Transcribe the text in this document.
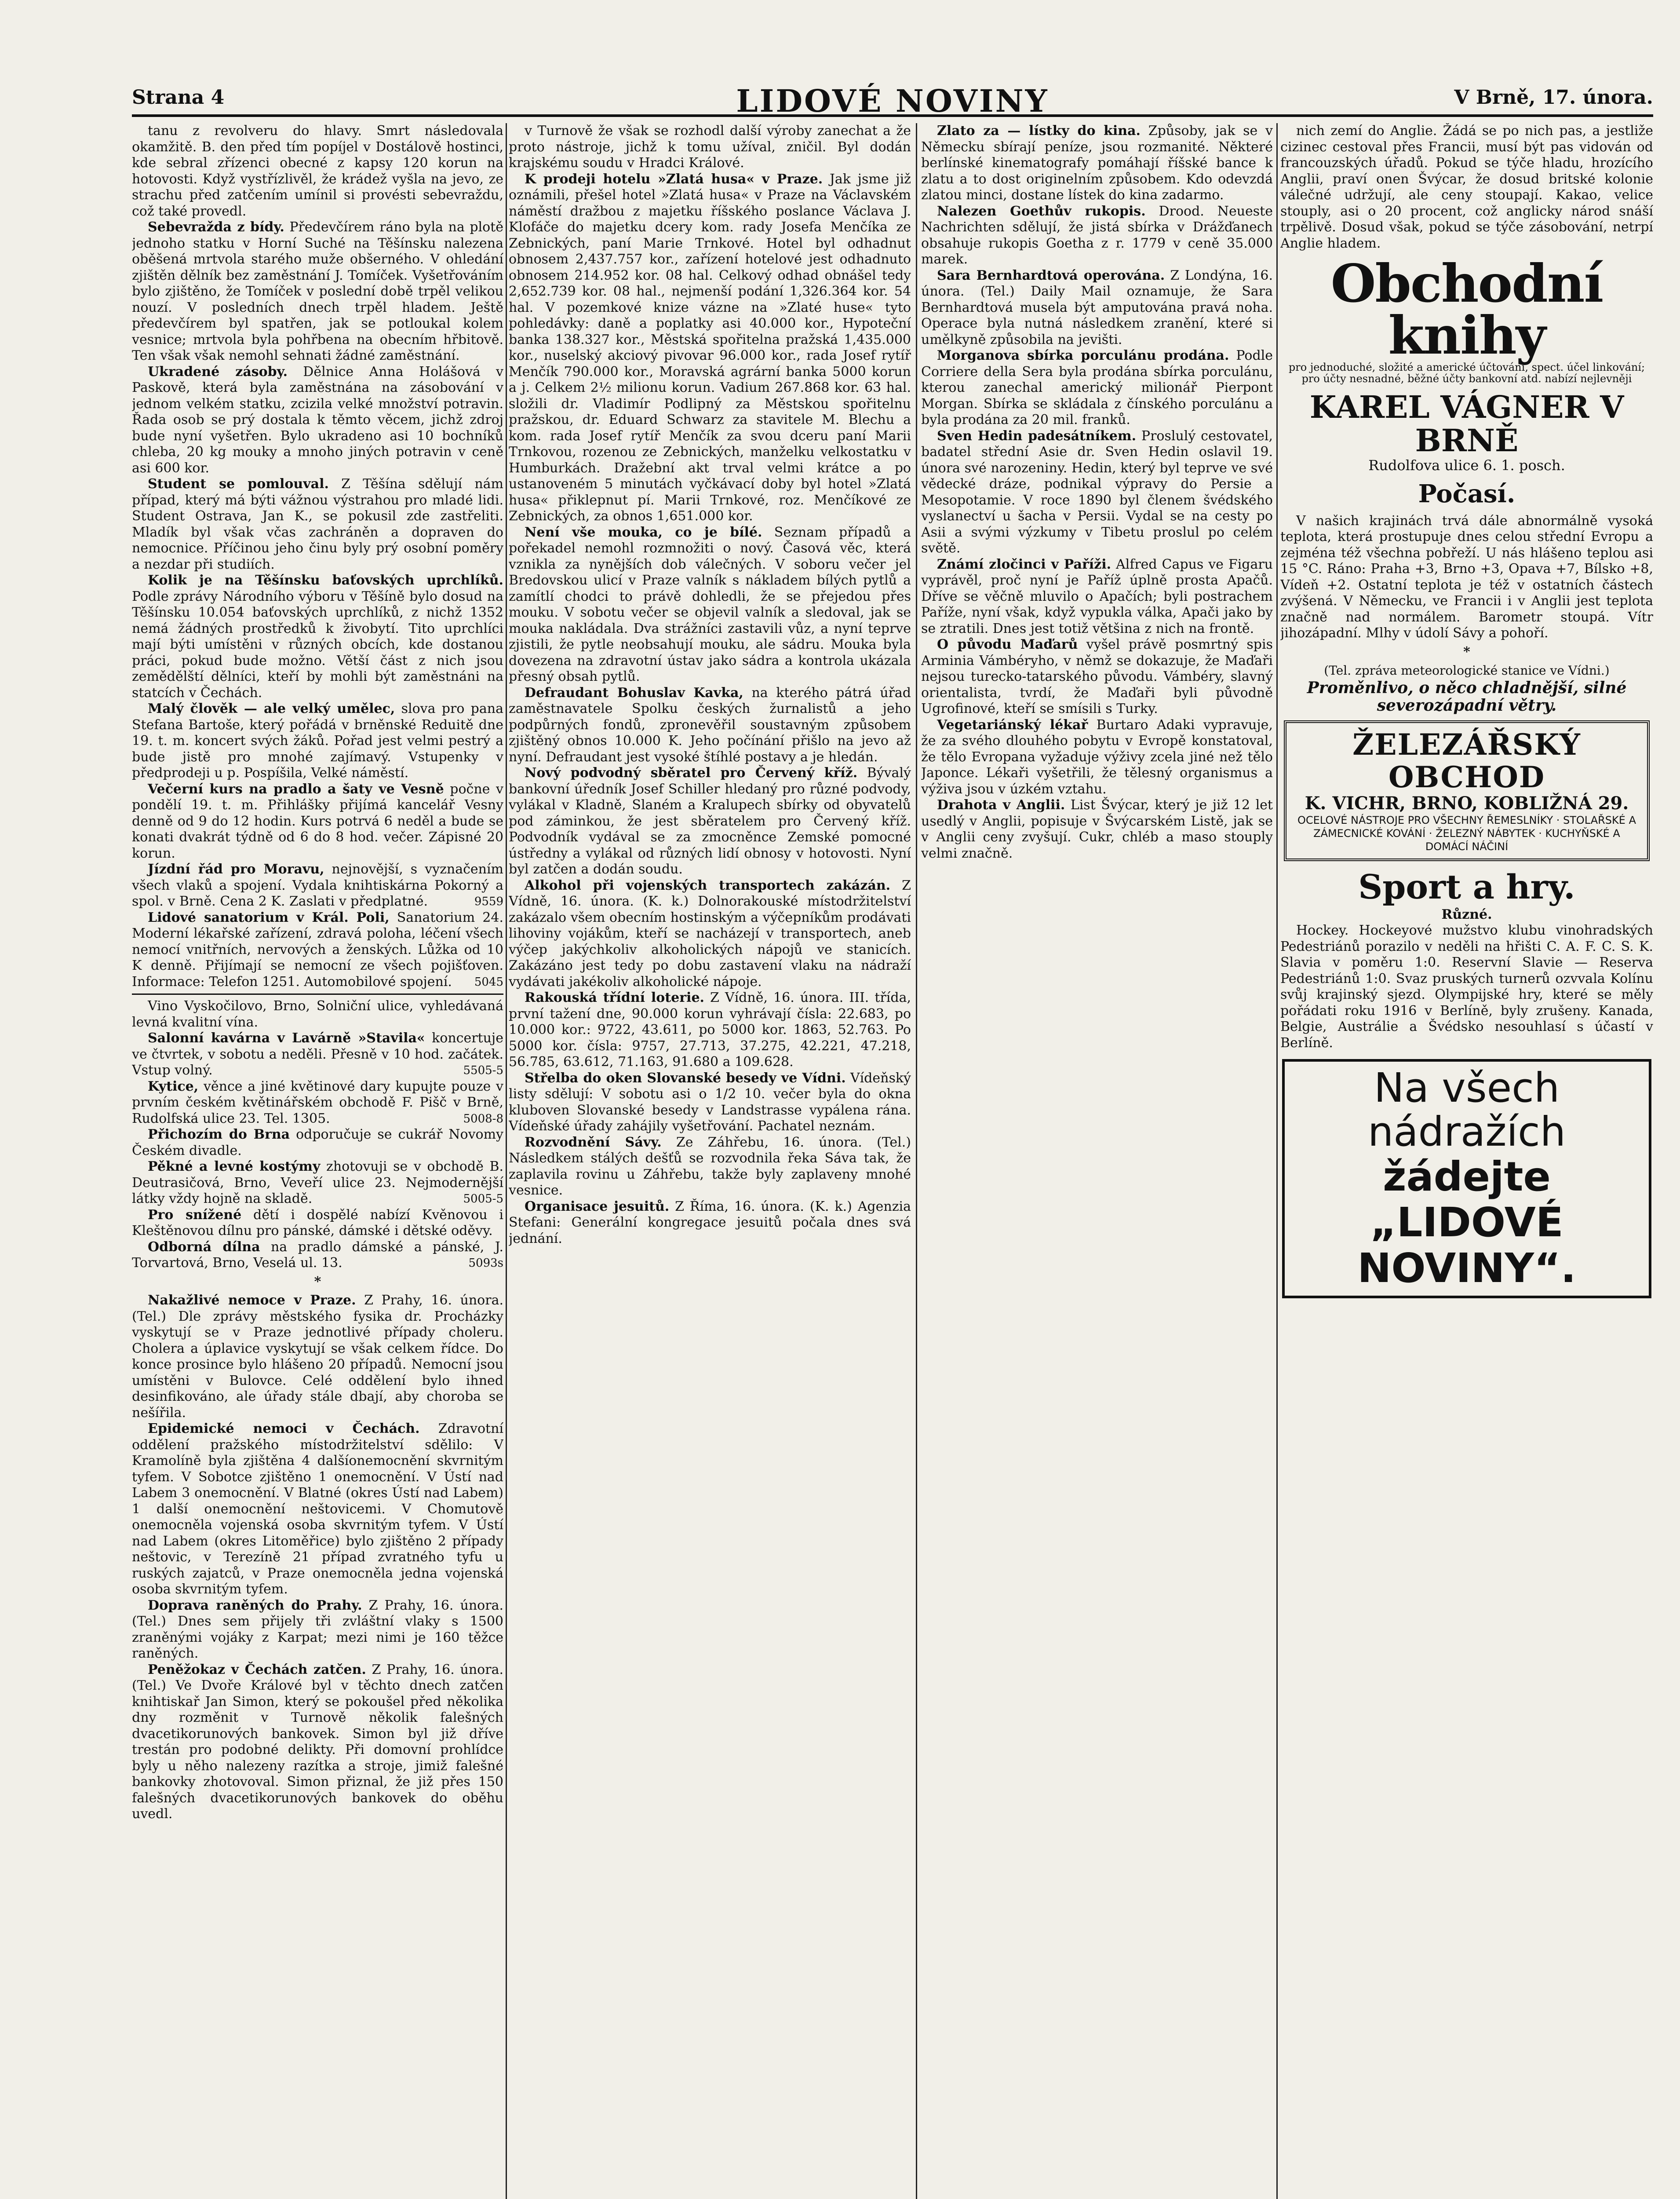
Strana 4	LIDOVÉ NOVINY	V Brně, 17. února.

tanu z revolveru do hlavy. Smrt následovala okamžitě. B. den před tím popíjel v Dostálově hostinci, kde sebral zřízenci obecné z kapsy 120 korun na hotovosti. Když vystřízlivěl, že krádež vyšla na jevo, ze strachu před zatčením umínil si provésti sebevraždu, což také provedl.

Sebevražda z bídy. Předevčírem ráno byla na plotě jednoho statku v Horní Suché na Těšínsku nalezena oběšená mrtvola starého muže obšerného. V ohledání zjištěn dělník bez zaměstnání J. Tomíček. Vyšetřováním bylo zjištěno, že Tomíček v poslední době trpěl velikou nouzí. V posledních dnech trpěl hladem. Ještě předevčírem byl spatřen, jak se potloukal kolem vesnice; mrtvola byla pohřbena na obecním hřbitově. Ten však však nemohl sehnati žádné zaměstnání.

Ukradené zásoby. Dělnice Anna Holášová v Paskově, která byla zaměstnána na zásobování v jednom velkém statku, zcizila velké množství potravin. Řada osob se prý dostala k těmto věcem, jichž zdroj bude nyní vyšetřen. Bylo ukradeno asi 10 bochníků chleba, 20 kg mouky a mnoho jiných potravin v ceně asi 600 kor.

Student se pomlouval. Z Těšína sdělují nám případ, který má býti vážnou výstrahou pro mladé lidi. Student Ostrava, Jan K., se pokusil zde zastřeliti. Mladík byl však včas zachráněn a dopraven do nemocnice. Příčinou jeho činu byly prý osobní poměry a nezdar při studiích.

Kolik je na Těšínsku baťovských uprchlíků. Podle zprávy Národního výboru v Těšíně bylo dosud na Těšínsku 10.054 baťovských uprchlíků, z nichž 1352 nemá žádných prostředků k živobytí. Tito uprchlíci mají býti umístěni v různých obcích, kde dostanou práci, pokud bude možno. Větší část z nich jsou zemědělští dělníci, kteří by mohli být zaměstnáni na statcích v Čechách.

Malý člověk — ale velký umělec, slova pro pana Stefana Bartoše, který pořádá v brněnské Reduitě dne 19. t. m. koncert svých žáků. Pořad jest velmi pestrý a bude jistě pro mnohé zajímavý. Vstupenky v předprodeji u p. Pospíšila, Velké náměstí.

Večerní kurs na pradlo a šaty ve Vesně počne v pondělí 19. t. m. Přihlášky přijímá kancelář Vesny denně od 9 do 12 hodin. Kurs potrvá 6 neděl a bude se konati dvakrát týdně od 6 do 8 hod. večer. Zápisné 20 korun.

Jízdní řád pro Moravu, nejnovější, s vyznačením všech vlaků a spojení. Vydala knihtiskárna Pokorný a spol. v Brně. Cena 2 K. Zaslati v předplatné.	9559

Lidové sanatorium v Král. Poli, Sanatorium 24. Moderní lékařské zařízení, zdravá poloha, léčení všech nemocí vnitřních, nervových a ženských. Lůžka od 10 K denně. Přijímají se nemocní ze všech pojišťoven. Informace: Telefon 1251. Automobilové spojení.	5045

Vino Vyskočilovo, Brno, Solniční ulice, vyhledávaná levná kvalitní vína.

Salonní kavárna v Lavárně »Stavila« koncertuje ve čtvrtek, v sobotu a neděli. Přesně v 10 hod. začátek. Vstup volný.	5505-5

Kytice, věnce a jiné květinové dary kupujte pouze v prvním českém květinářském obchodě F. Pišč v Brně, Rudolfská ulice 23. Tel. 1305.	5008-8

Přichozím do Brna odporučuje se cukrář Novomy Českém divadle.

Pěkné a levné kostýmy zhotovuji se v obchodě B. Deutrasičová, Brno, Veveří ulice 23. Nejmodernější látky vždy hojně na skladě.	5005-5

Pro snížené dětí i dospělé nabízí Kvěnovou i Kleštěnovou dílnu pro pánské, dámské i dětské oděvy.

Odborná dílna na pradlo dámské a pánské, J. Torvartová, Brno, Veselá ul. 13.	5093s

*

Nakažlivé nemoce v Praze. Z Prahy, 16. února. (Tel.) Dle zprávy městského fysika dr. Procházky vyskytují se v Praze jednotlivé případy choleru. Cholera a úplavice vyskytují se však celkem řídce. Do konce prosince bylo hlášeno 20 případů. Nemocní jsou umístěni v Bulovce. Celé oddělení bylo ihned desinfikováno, ale úřady stále dbají, aby choroba se nešířila.

Epidemické nemoci v Čechách. Zdravotní oddělení pražského místodržitelství sdělilo: V Kramolíně byla zjištěna 4 dalšíonemocnění skvrnitým tyfem. V Sobotce zjištěno 1 onemocnění. V Ústí nad Labem 3 onemocnění. V Blatné (okres Ústí nad Labem) 1 další onemocnění neštovicemi. V Chomutově onemocněla vojenská osoba skvrnitým tyfem. V Ústí nad Labem (okres Litoměřice) bylo zjištěno 2 případy neštovic, v Terezíně 21 případ zvratného tyfu u ruských zajatců, v Praze onemocněla jedna vojenská osoba skvrnitým tyfem.

Doprava raněných do Prahy. Z Prahy, 16. února. (Tel.) Dnes sem přijely tři zvláštní vlaky s 1500 zraněnými vojáky z Karpat; mezi nimi je 160 těžce raněných.

Peněžokaz v Čechách zatčen. Z Prahy, 16. února. (Tel.) Ve Dvoře Králové byl v těchto dnech zatčen knihtiskař Jan Simon, který se pokoušel před několika dny rozměnit v Turnově několik falešných dvacetikorunových bankovek. Simon byl již dříve trestán pro podobné delikty. Při domovní prohlídce byly u něho nalezeny razítka a stroje, jimiž falešné bankovky zhotovoval. Simon přiznal, že již přes 150 falešných dvacetikorunových bankovek do oběhu uvedl.

v Turnově že však se rozhodl další výroby zanechat a že proto nástroje, jichž k tomu užíval, zničil. Byl dodán krajskému soudu v Hradci Králové.

K prodeji hotelu »Zlatá husa« v Praze. Jak jsme již oznámili, přešel hotel »Zlatá husa« v Praze na Václavském náměstí dražbou z majetku říšského poslance Václava J. Klofáče do majetku dcery kom. rady Josefa Menčíka ze Zebnických, paní Marie Trnkové. Hotel byl odhadnut obnosem 2,437.757 kor., zařízení hotelové jest odhadnuto obnosem 214.952 kor. 08 hal. Celkový odhad obnášel tedy 2,652.739 kor. 08 hal., nejmenší podání 1,326.364 kor. 54 hal. V pozemkové knize vázne na »Zlaté huse« tyto pohledávky: daně a poplatky asi 40.000 kor., Hypoteční banka 138.327 kor., Městská spořitelna pražská 1,435.000 kor., nuselský akciový pivovar 96.000 kor., rada Josef rytíř Menčík 790.000 kor., Moravská agrární banka 5000 korun a j. Celkem 2½ milionu korun. Vadium 267.868 kor. 63 hal. složili dr. Vladimír Podlipný za Městskou spořitelnu pražskou, dr. Eduard Schwarz za stavitele M. Blechu a kom. rada Josef rytíř Menčík za svou dceru paní Marii Trnkovou, rozenou ze Zebnických, manželku velkostatku v Humburkách. Dražební akt trval velmi krátce a po ustanoveném 5 minutách vyčkávací doby byl hotel »Zlatá husa« přiklepnut pí. Marii Trnkové, roz. Menčíkové ze Zebnických, za obnos 1,651.000 kor.

Není vše mouka, co je bílé. Seznam případů a pořekadel nemohl rozmnožiti o nový. Časová věc, která vznikla za nynějších dob válečných. V soboru večer jel Bredovskou ulicí v Praze valník s nákladem bílých pytlů a zamítlí chodci to právě dohledli, že se přejedou přes mouku. V sobotu večer se objevil valník a sledoval, jak se mouka nakládala. Dva strážníci zastavili vůz, a nyní teprve zjistili, že pytle neobsahují mouku, ale sádru. Mouka byla dovezena na zdravotní ústav jako sádra a kontrola ukázala přesný obsah pytlů.

Defraudant Bohuslav Kavka, na kterého pátrá úřad zaměstnavatele Spolku českých žurnalistů a jeho podpůrných fondů, zpronevěřil soustavným způsobem zjištěný obnos 10.000 K. Jeho počínání přišlo na jevo až nyní. Defraudant jest vysoké štíhlé postavy a je hledán.

Nový podvodný sběratel pro Červený kříž. Bývalý bankovní úředník Josef Schiller hledaný pro různé podvody, vylákal v Kladně, Slaném a Kralupech sbírky od obyvatelů pod záminkou, že jest sběratelem pro Červený kříž. Podvodník vydával se za zmocněnce Zemské pomocné ústředny a vylákal od různých lidí obnosy v hotovosti. Nyní byl zatčen a dodán soudu.

Alkohol při vojenských transportech zakázán. Z Vídně, 16. února. (K. k.) Dolnorakouské místodržitelství zakázalo všem obecním hostinským a výčepníkům prodávati lihoviny vojákům, kteří se nacházejí v transportech, aneb výčep jakýchkoliv alkoholických nápojů ve stanicích. Zakázáno jest tedy po dobu zastavení vlaku na nádraží vydávati jakékoliv alkoholické nápoje.

Rakouská třídní loterie. Z Vídně, 16. února. III. třída, první tažení dne, 90.000 korun vyhrávají čísla: 22.683, po 10.000 kor.: 9722, 43.611, po 5000 kor. 1863, 52.763. Po 5000 kor. čísla: 9757, 27.713, 37.275, 42.221, 47.218, 56.785, 63.612, 71.163, 91.680 a 109.628.

Střelba do oken Slovanské besedy ve Vídni. Vídeňský listy sdělují: V sobotu asi o 1/2 10. večer byla do okna kluboven Slovanské besedy v Landstrasse vypálena rána. Vídeňské úřady zahájily vyšetřování. Pachatel neznám.

Rozvodnění Sávy. Ze Záhřebu, 16. února. (Tel.) Následkem stálých dešťů se rozvodnila řeka Sáva tak, že zaplavila rovinu u Záhřebu, takže byly zaplaveny mnohé vesnice.

Organisace jesuitů. Z Říma, 16. února. (K. k.) Agenzia Stefani: Generální kongregace jesuitů počala dnes svá jednání.

Zlato za — lístky do kina. Způsoby, jak se v Německu sbírají peníze, jsou rozmanité. Některé berlínské kinematografy pomáhají říšské bance k zlatu a to dost originelním způsobem. Kdo odevzdá zlatou minci, dostane lístek do kina zadarmo.

Nalezen Goethův rukopis. Drood. Neueste Nachrichten sdělují, že jistá sbírka v Drážďanech obsahuje rukopis Goetha z r. 1779 v ceně 35.000 marek.

Sara Bernhardtová operována. Z Londýna, 16. února. (Tel.) Daily Mail oznamuje, že Sara Bernhardtová musela být amputována pravá noha. Operace byla nutná následkem zranění, které si umělkyně způsobila na jevišti.

Morganova sbírka porculánu prodána. Podle Corriere della Sera byla prodána sbírka porculánu, kterou zanechal americký milionář Pierpont Morgan. Sbírka se skládala z čínského porculánu a byla prodána za 20 mil. franků.

Sven Hedin padesátníkem. Proslulý cestovatel, badatel střední Asie dr. Sven Hedin oslavil 19. února své narozeniny. Hedin, který byl teprve ve své vědecké dráze, podnikal výpravy do Persie a Mesopotamie. V roce 1890 byl členem švédského vyslanectví u šacha v Persii. Vydal se na cesty po Asii a svými výzkumy v Tibetu proslul po celém světě.

Známí zločinci v Paříži. Alfred Capus ve Figaru vyprávěl, proč nyní je Paříž úplně prosta Apačů. Dříve se věčně mluvilo o Apačích; byli postrachem Paříže, nyní však, když vypukla válka, Apači jako by se ztratili. Dnes jest totiž většina z nich na frontě.

O původu Maďarů vyšel právě posmrtný spis Arminia Vámbéryho, v němž se dokazuje, že Maďaři nejsou turecko-tatarského původu. Vámbéry, slavný orientalista, tvrdí, že Maďaři byli původně Ugrofinové, kteří se smísili s Turky.

Vegetariánský lékař Burtaro Adaki vypravuje, že za svého dlouhého pobytu v Evropě konstatoval, že tělo Evropana vyžaduje výživy zcela jiné než tělo Japonce. Lékaři vyšetřili, že tělesný organismus a výživa jsou v úzkém vztahu.

Drahota v Anglii. List Švýcar, který je již 12 let usedlý v Anglii, popisuje v Švýcarském Listě, jak se v Anglii ceny zvyšují. Cukr, chléb a maso stouply velmi značně.

nich zemí do Anglie. Žádá se po nich pas, a jestliže cizinec cestoval přes Francii, musí být pas vidován od francouzských úřadů. Pokud se týče hladu, hrozícího Anglii, praví onen Švýcar, že dosud britské kolonie válečné udržují, ale ceny stoupají. Kakao, velice stouply, asi o 20 procent, což anglicky národ snáší trpělivě. Dosud však, pokud se týče zásobování, netrpí Anglie hladem.

Obchodní knihy
pro jednoduché, složité a americké účtování, spect. účel linkování; pro účty nesnadné, běžné účty bankovní atd. nabízí nejlevněji
KAREL VÁGNER V BRNĚ
Rudolfova ulice 6. 1. posch.
Počasí.

V našich krajinách trvá dále abnormálně vysoká teplota, která prostupuje dnes celou střední Evropu a zejména též všechna pobřeží. U nás hlášeno teplou asi 15 °C. Ráno: Praha +3, Brno +3, Opava +7, Bílsko +8, Vídeň +2. Ostatní teplota je též v ostatních částech zvýšená. V Německu, ve Francii i v Anglii jest teplota značně nad normálem. Barometr stoupá. Vítr jihozápadní. Mlhy v údolí Sávy a pohoří.

*
(Tel. zpráva meteorologické stanice ve Vídni.)
Proměnlivo, o něco chladnější, silné severozápadní větry.
ŽELEZÁŘSKÝ OBCHOD
K. VICHR, BRNO, KOBLIŽNÁ 29.
OCELOVÉ NÁSTROJE PRO VŠECHNY ŘEMESLNÍKY · STOLAŘSKÉ A ZÁMECNICKÉ KOVÁNÍ · ŽELEZNÝ NÁBYTEK · KUCHYŇSKÉ A DOMÁCÍ NÁČINÍ
Sport a hry.
Různé.

Hockey. Hockeyové mužstvo klubu vinohradských Pedestriánů porazilo v neděli na hřišti C. A. F. C. S. K. Slavia v poměru 1:0. Reservní Slavie — Reserva Pedestriánů 1:0. Svaz pruských turnerů ozvvala Kolínu svůj krajinský sjezd. Olympijské hry, které se měly pořádati roku 1916 v Berlíně, byly zrušeny. Kanada, Belgie, Austrálie a Švédsko nesouhlasí s účastí v Berlíně.

Na všech nádražích
žádejte „LIDOVÉ NOVINY“.
